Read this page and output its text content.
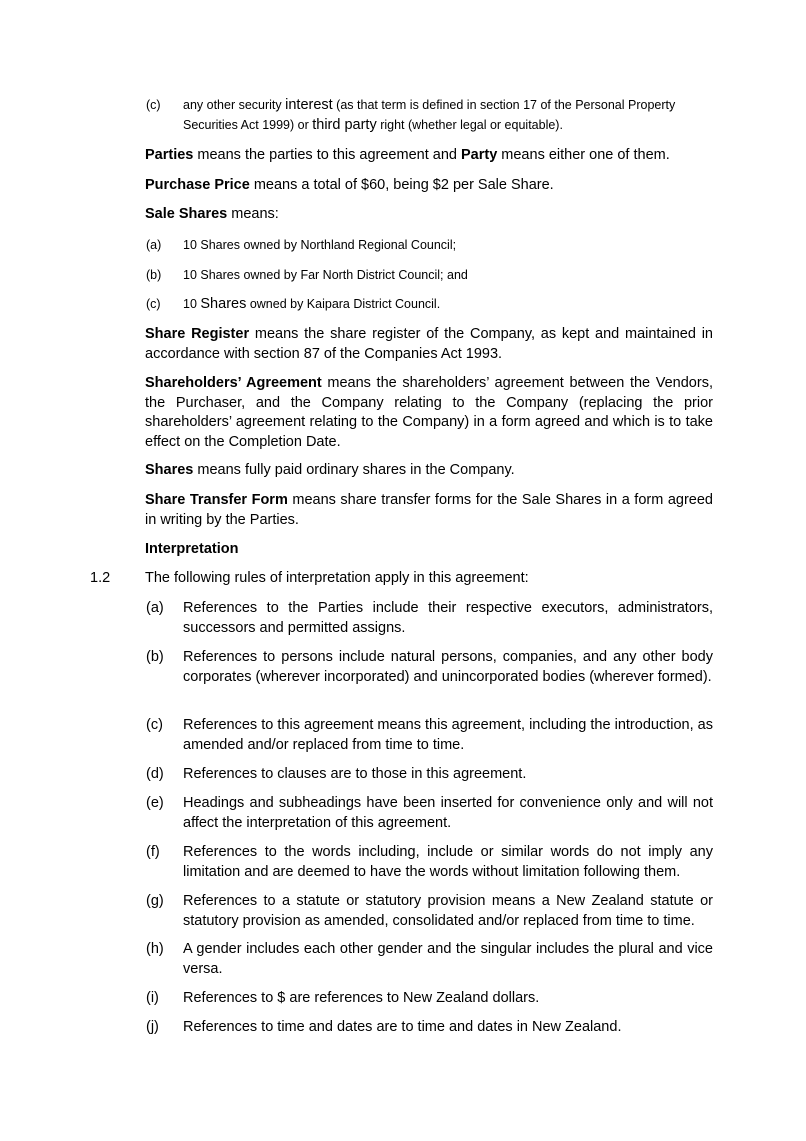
(c) any other security interest (as that term is defined in section 17 of the Personal Property
Securities Act 1999) or third party right (whether legal or equitable).
Parties means the parties to this agreement and Party means either one of them.
Purchase Price means a total of $60, being $2 per Sale Share.
Sale Shares means:
(a) 10 Shares owned by Northland Regional Council;
(b) 10 Shares owned by Far North District Council; and
(c) 10 Shares owned by Kaipara District Council.
Share Register means the share register of the Company, as kept and maintained in accordance with section 87 of the Companies Act 1993.
Shareholders’ Agreement means the shareholders’ agreement between the Vendors, the Purchaser, and the Company relating to the Company (replacing the prior shareholders’ agreement relating to the Company) in a form agreed and which is to take effect on the Completion Date.
Shares means fully paid ordinary shares in the Company.
Share Transfer Form means share transfer forms for the Sale Shares in a form agreed in writing by the Parties.
Interpretation
1.2 The following rules of interpretation apply in this agreement:
(a) References to the Parties include their respective executors, administrators, successors and permitted assigns.
(b) References to persons include natural persons, companies, and any other body corporates (wherever incorporated) and unincorporated bodies (wherever formed).
(c) References to this agreement means this agreement, including the introduction, as amended and/or replaced from time to time.
(d) References to clauses are to those in this agreement.
(e) Headings and subheadings have been inserted for convenience only and will not affect the interpretation of this agreement.
(f) References to the words including, include or similar words do not imply any limitation and are deemed to have the words without limitation following them.
(g) References to a statute or statutory provision means a New Zealand statute or statutory provision as amended, consolidated and/or replaced from time to time.
(h) A gender includes each other gender and the singular includes the plural and vice versa.
(i) References to $ are references to New Zealand dollars.
(j) References to time and dates are to time and dates in New Zealand.
